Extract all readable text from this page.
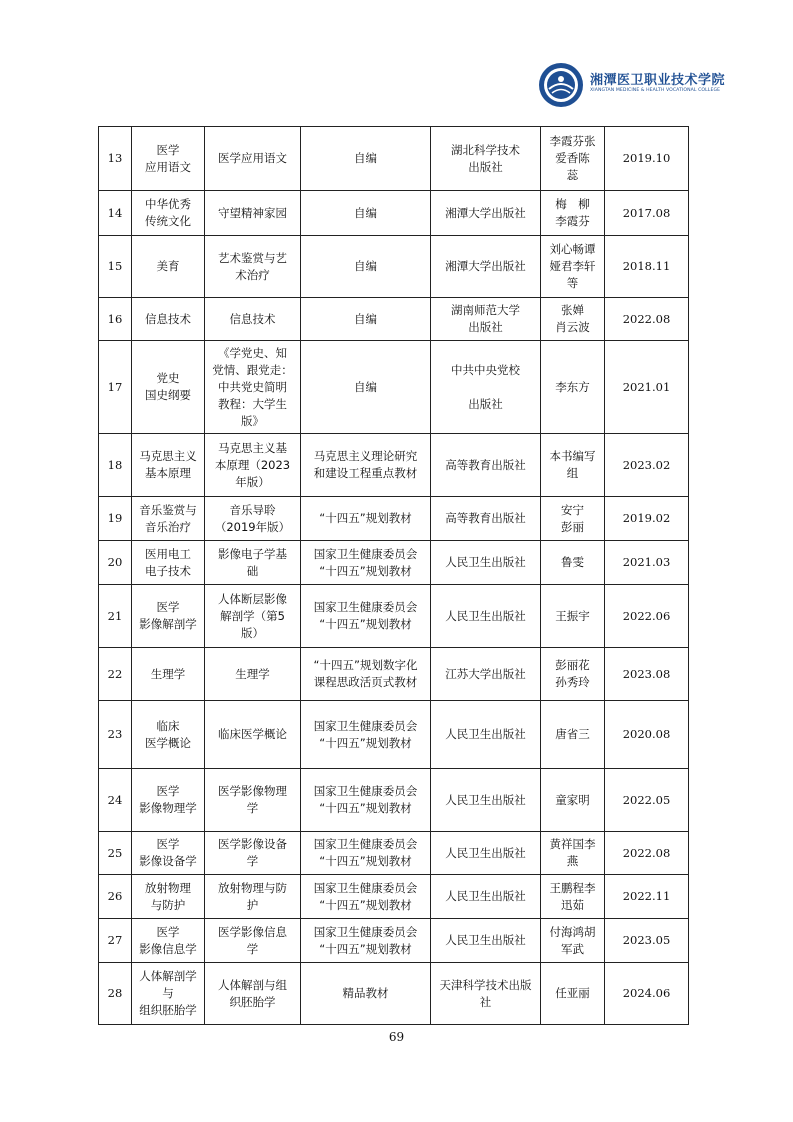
湘潭医卫职业技术学院
XIANGTAN MEDICINE & HEALTH VOCATIONAL COLLEGE
13	医学
应用语文	医学应用语文	自编	湖北科学技术
出版社	李霞芬张
爱香陈
蕊	2019.10

14	中华优秀
传统文化	守望精神家园	自编	湘潭大学出版社	梅　柳
李霞芬	2017.08

15	美育	艺术鉴赏与艺
术治疗	自编	湘潭大学出版社	刘心畅谭
娅君李轩
等	2018.11

16	信息技术	信息技术	自编	湖南师范大学
出版社	张婵
肖云波	2022.08

17	党史
国史纲要	《学党史、知
党情、跟党走：
中共党史简明
教程：大学生
版》	自编	中共中央党校

出版社	李东方	2021.01

18	马克思主义
基本原理	马克思主义基
本原理（2023
年版）	马克思主义理论研究
和建设工程重点教材	高等教育出版社	本书编写
组	2023.02

19	音乐鉴赏与
音乐治疗	音乐导聆
（2019年版）	“十四五”规划教材	高等教育出版社	安宁
彭丽	2019.02

20	医用电工
电子技术	影像电子学基
础	国家卫生健康委员会
“十四五”规划教材	人民卫生出版社	鲁雯	2021.03

21	医学
影像解剖学	人体断层影像
解剖学（第5
版）	国家卫生健康委员会
“十四五”规划教材	人民卫生出版社	王振宇	2022.06

22	生理学	生理学	“十四五”规划数字化
课程思政活页式教材	江苏大学出版社	彭丽花
孙秀玲	2023.08

23	临床
医学概论	临床医学概论	国家卫生健康委员会
“十四五”规划教材	人民卫生出版社	唐省三	2020.08

24	医学
影像物理学	医学影像物理
学	国家卫生健康委员会
“十四五”规划教材	人民卫生出版社	童家明	2022.05

25	医学
影像设备学	医学影像设备
学	国家卫生健康委员会
“十四五”规划教材	人民卫生出版社	黄祥国李
燕	2022.08

26	放射物理
与防护	放射物理与防
护	国家卫生健康委员会
“十四五”规划教材	人民卫生出版社	王鹏程李
迅茹	2022.11

27	医学
影像信息学	医学影像信息
学	国家卫生健康委员会
“十四五”规划教材	人民卫生出版社	付海鸿胡
军武	2023.05

28	人体解剖学
与
组织胚胎学	人体解剖与组
织胚胎学	精品教材	天津科学技术出版
社	任亚丽	2024.06
69
